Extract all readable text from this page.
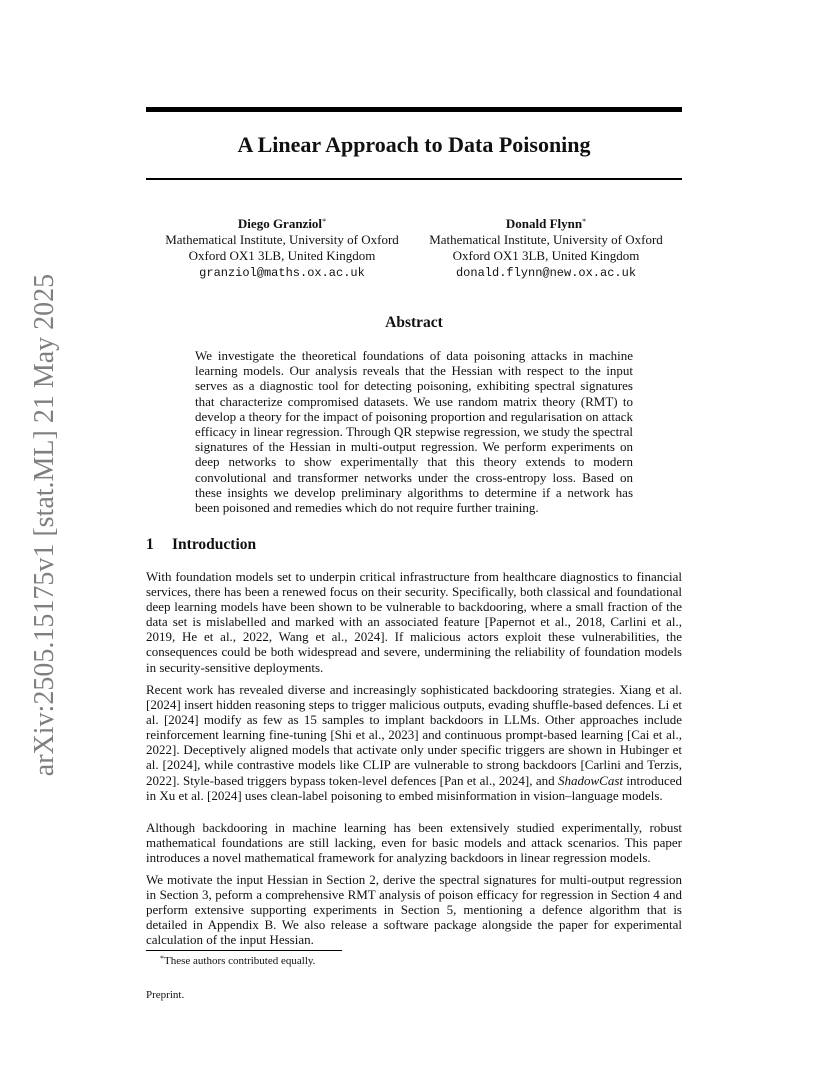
arXiv:2505.15175v1 [stat.ML] 21 May 2025
A Linear Approach to Data Poisoning
Diego Granziol*
Mathematical Institute, University of Oxford
Oxford OX1 3LB, United Kingdom
granziol@maths.ox.ac.uk
Donald Flynn*
Mathematical Institute, University of Oxford
Oxford OX1 3LB, United Kingdom
donald.flynn@new.ox.ac.uk
Abstract
We investigate the theoretical foundations of data poisoning attacks in machine learning models. Our analysis reveals that the Hessian with respect to the input serves as a diagnostic tool for detecting poisoning, exhibiting spectral signatures that characterize compromised datasets. We use random matrix theory (RMT) to develop a theory for the impact of poisoning proportion and regularisation on attack efficacy in linear regression. Through QR stepwise regression, we study the spectral signatures of the Hessian in multi-output regression. We perform experiments on deep networks to show experimentally that this theory extends to modern convolutional and transformer networks under the cross-entropy loss. Based on these insights we develop preliminary algorithms to determine if a network has been poisoned and remedies which do not require further training.
1 Introduction

With foundation models set to underpin critical infrastructure from healthcare diagnostics to financial services, there has been a renewed focus on their security. Specifically, both classical and foundational deep learning models have been shown to be vulnerable to backdooring, where a small fraction of the data set is mislabelled and marked with an associated feature [Papernot et al., 2018, Carlini et al., 2019, He et al., 2022, Wang et al., 2024]. If malicious actors exploit these vulnerabilities, the consequences could be both widespread and severe, undermining the reliability of foundation models in security-sensitive deployments.

Recent work has revealed diverse and increasingly sophisticated backdooring strategies. Xiang et al. [2024] insert hidden reasoning steps to trigger malicious outputs, evading shuffle-based defences. Li et al. [2024] modify as few as 15 samples to implant backdoors in LLMs. Other approaches include reinforcement learning fine-tuning [Shi et al., 2023] and continuous prompt-based learning [Cai et al., 2022]. Deceptively aligned models that activate only under specific triggers are shown in Hubinger et al. [2024], while contrastive models like CLIP are vulnerable to strong backdoors [Carlini and Terzis, 2022]. Style-based triggers bypass token-level defences [Pan et al., 2024], and ShadowCast introduced in Xu et al. [2024] uses clean-label poisoning to embed misinformation in vision–language models.

Although backdooring in machine learning has been extensively studied experimentally, robust mathematical foundations are still lacking, even for basic models and attack scenarios. This paper introduces a novel mathematical framework for analyzing backdoors in linear regression models.

We motivate the input Hessian in Section 2, derive the spectral signatures for multi-output regression in Section 3, peform a comprehensive RMT analysis of poison efficacy for regression in Section 4 and perform extensive supporting experiments in Section 5, mentioning a defence algorithm that is detailed in Appendix B. We also release a software package alongside the paper for experimental calculation of the input Hessian.

*These authors contributed equally.
Preprint.
